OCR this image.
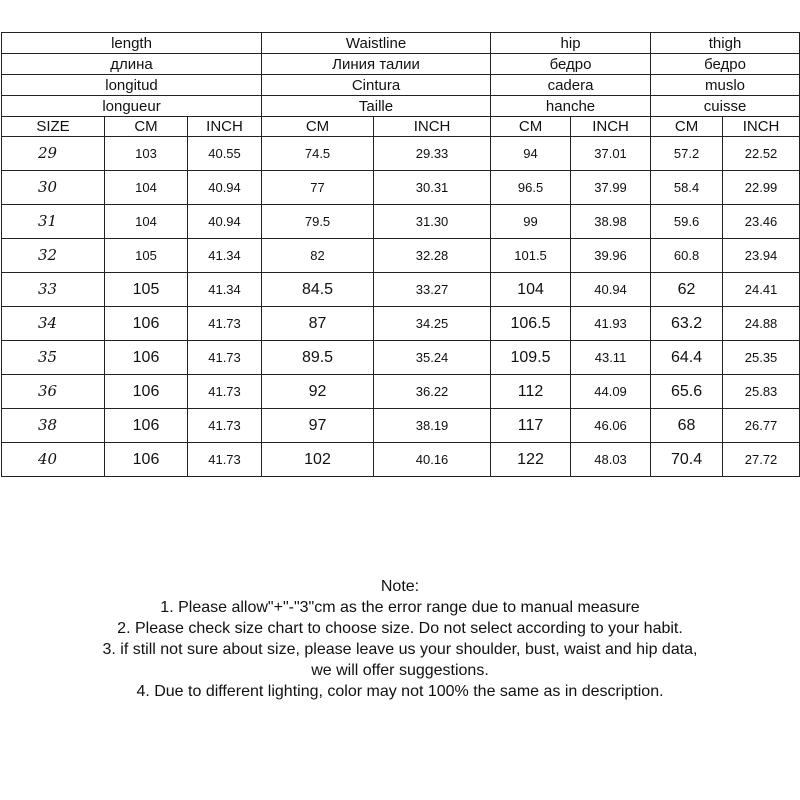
length			Waistline		hip		thigh	
длина			Линия талии		бедро		бедро	
longitud			Cintura		cadera		muslo	
longueur			Taille		hanche		cuisse	
SIZE	CM	INCH	CM	INCH	CM	INCH	CM	INCH
29	103	40.55	74.5	29.33	94	37.01	57.2	22.52
30	104	40.94	77	30.31	96.5	37.99	58.4	22.99
31	104	40.94	79.5	31.30	99	38.98	59.6	23.46
32	105	41.34	82	32.28	101.5	39.96	60.8	23.94
33	105	41.34	84.5	33.27	104	40.94	62	24.41
34	106	41.73	87	34.25	106.5	41.93	63.2	24.88
35	106	41.73	89.5	35.24	109.5	43.11	64.4	25.35
36	106	41.73	92	36.22	112	44.09	65.6	25.83
38	106	41.73	97	38.19	117	46.06	68	26.77
40	106	41.73	102	40.16	122	48.03	70.4	27.72
Note:
1. Please allow"+"-"3"cm as the error range due to manual measure
2. Please check size chart to choose size. Do not select according to your habit.
3. if still not sure about size, please leave us your shoulder, bust, waist and hip data,
we will offer suggestions.
4. Due to different lighting, color may not 100% the same as in description.
